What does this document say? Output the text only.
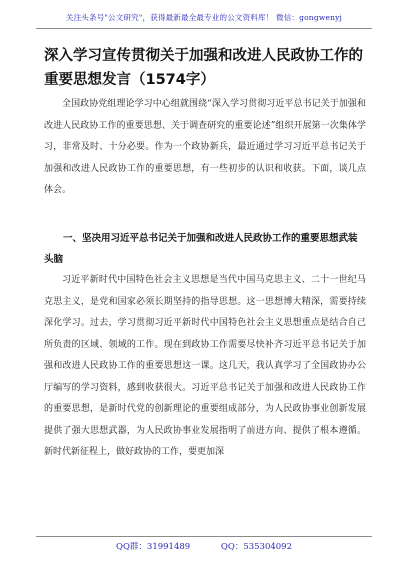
关注头条号"公文研究"，获得最新最全最专业的公文资料库！ 微信：gongwenyj
深入学习宣传贯彻关于加强和改进人民政协工作的重要思想发言（1574字）
全国政协党组理论学习中心组就围绕“深入学习贯彻习近平总书记关于加强和改进人民政协工作的重要思想、关于调查研究的重要论述”组织开展第一次集体学习，非常及时、十分必要。作为一个政协新兵，最近通过学习习近平总书记关于加强和改进人民政协工作的重要思想，有一些初步的认识和收获。下面，谈几点体会。
一、坚决用习近平总书记关于加强和改进人民政协工作的重要思想武装头脑
习近平新时代中国特色社会主义思想是当代中国马克思主义、二十一世纪马克思主义，是党和国家必须长期坚持的指导思想。这一思想博大精深，需要持续深化学习。过去，学习贯彻习近平新时代中国特色社会主义思想重点是结合自己所负责的区域、领域的工作。现在到政协工作需要尽快补齐习近平总书记关于加强和改进人民政协工作的重要思想这一课。这几天，我认真学习了全国政协办公厅编写的学习资料，感到收获很大。习近平总书记关于加强和改进人民政协工作的重要思想，是新时代党的创新理论的重要组成部分，为人民政协事业创新发展提供了强大思想武器，为人民政协事业发展指明了前进方向、提供了根本遵循。新时代新征程上，做好政协的工作，要更加深
QQ群：31991489	QQ：535304092
